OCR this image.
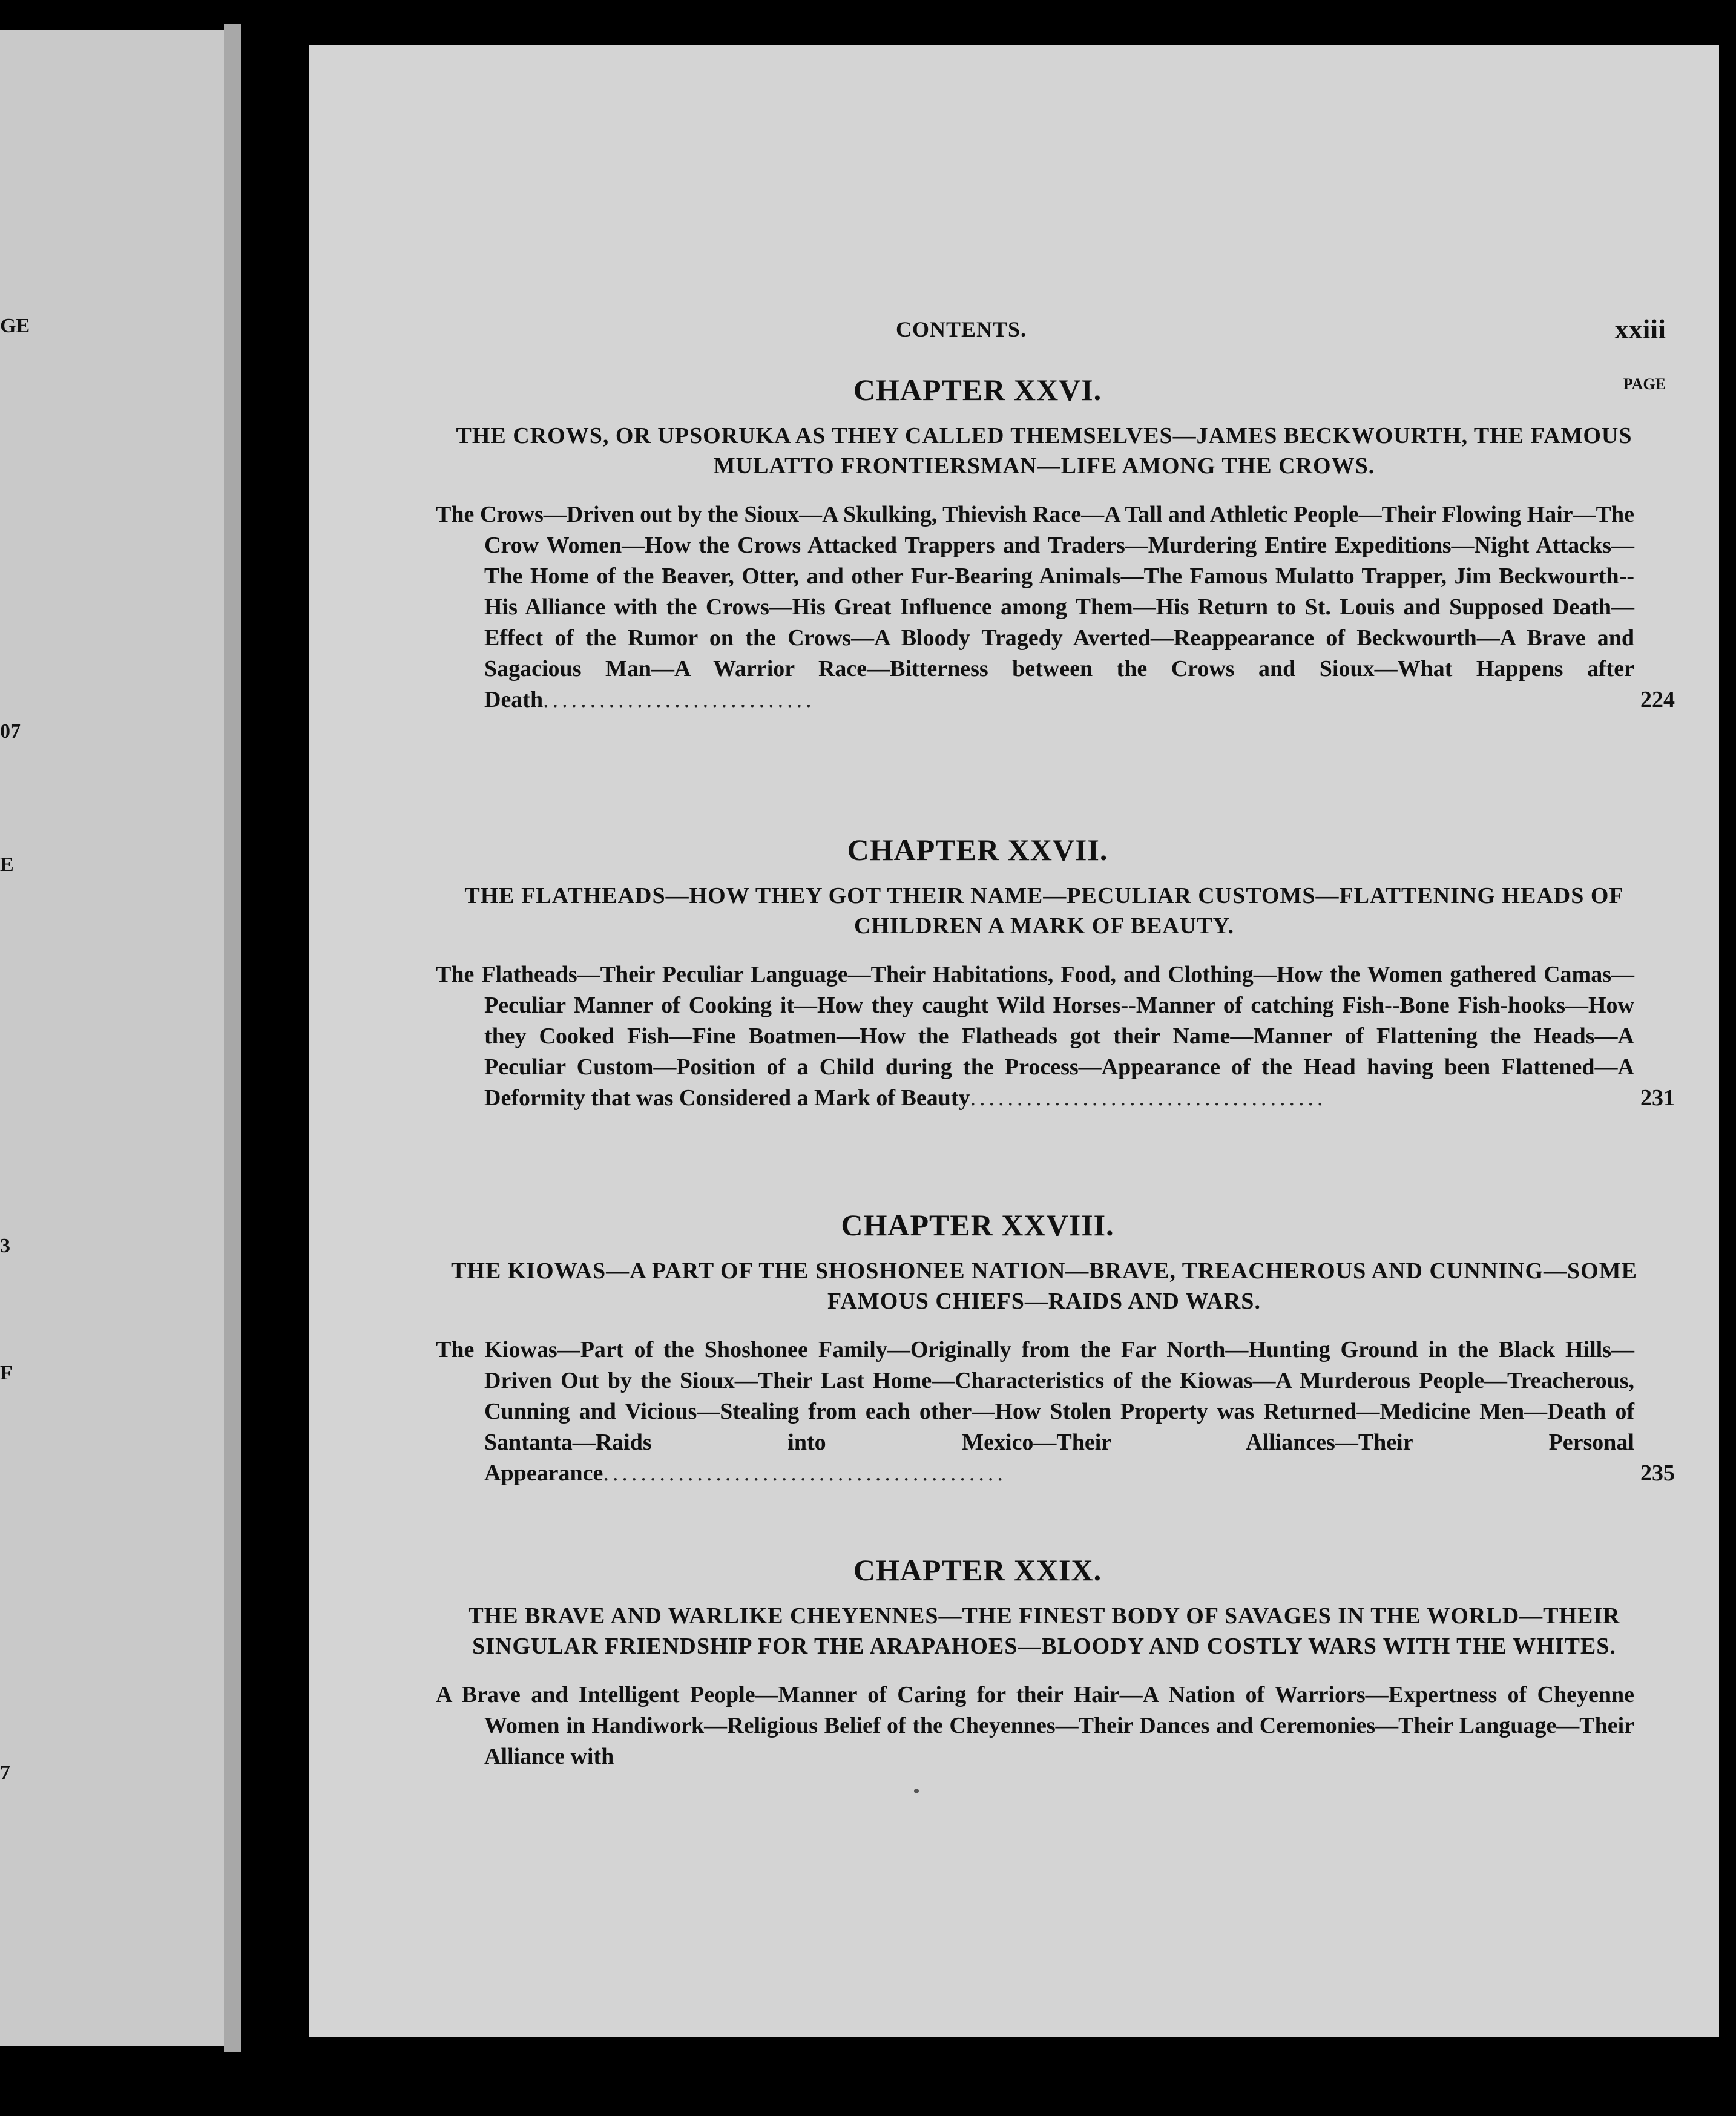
GE
07
E
3
F
7
CONTENTS.	xxiii
PAGE
CHAPTER XXVI.

THE CROWS, OR UPSORUKA AS THEY CALLED THEMSELVES—JAMES BECKWOURTH, THE FAMOUS MULATTO FRONTIERSMAN—LIFE AMONG THE CROWS.

The Crows—Driven out by the Sioux—A Skulking, Thievish Race—A Tall and Athletic People—Their Flowing Hair—The Crow Women—How the Crows Attacked Trappers and Traders—Murdering Entire Expeditions—Night Attacks—The Home of the Beaver, Otter, and other Fur-Bearing Animals—The Famous Mulatto Trapper, Jim Beckwourth--His Alliance with the Crows—His Great Influence among Them—His Return to St. Louis and Supposed Death—Effect of the Rumor on the Crows—A Bloody Tragedy Averted—Reappearance of Beckwourth—A Brave and Sagacious Man—A Warrior Race—Bitterness between the Crows and Sioux—What Happens after Death.............................	224

CHAPTER XXVII.

THE FLATHEADS—HOW THEY GOT THEIR NAME—PECULIAR CUSTOMS—FLATTENING HEADS OF CHILDREN A MARK OF BEAUTY.

The Flatheads—Their Peculiar Language—Their Habitations, Food, and Clothing—How the Women gathered Camas—Peculiar Manner of Cooking it—How they caught Wild Horses--Manner of catching Fish--Bone Fish-hooks—How they Cooked Fish—Fine Boatmen—How the Flatheads got their Name—Manner of Flattening the Heads—A Peculiar Custom—Position of a Child during the Process—Appearance of the Head having been Flattened—A Deformity that was Considered a Mark of Beauty......................................	231

CHAPTER XXVIII.

THE KIOWAS—A PART OF THE SHOSHONEE NATION—BRAVE, TREACHEROUS AND CUNNING—SOME FAMOUS CHIEFS—RAIDS AND WARS.

The Kiowas—Part of the Shoshonee Family—Originally from the Far North—Hunting Ground in the Black Hills—Driven Out by the Sioux—Their Last Home—Characteristics of the Kiowas—A Murderous People—Treacherous, Cunning and Vicious—Stealing from each other—How Stolen Property was Returned—Medicine Men—Death of Santanta—Raids into Mexico—Their Alliances—Their Personal Appearance...........................................	235

CHAPTER XXIX.

THE BRAVE AND WARLIKE CHEYENNES—THE FINEST BODY OF SAVAGES IN THE WORLD—THEIR SINGULAR FRIENDSHIP FOR THE ARAPAHOES—BLOODY AND COSTLY WARS WITH THE WHITES.

A Brave and Intelligent People—Manner of Caring for their Hair—A Nation of Warriors—Expertness of Cheyenne Women in Handiwork—Religious Belief of the Cheyennes—Their Dances and Ceremonies—Their Language—Their Alliance with
